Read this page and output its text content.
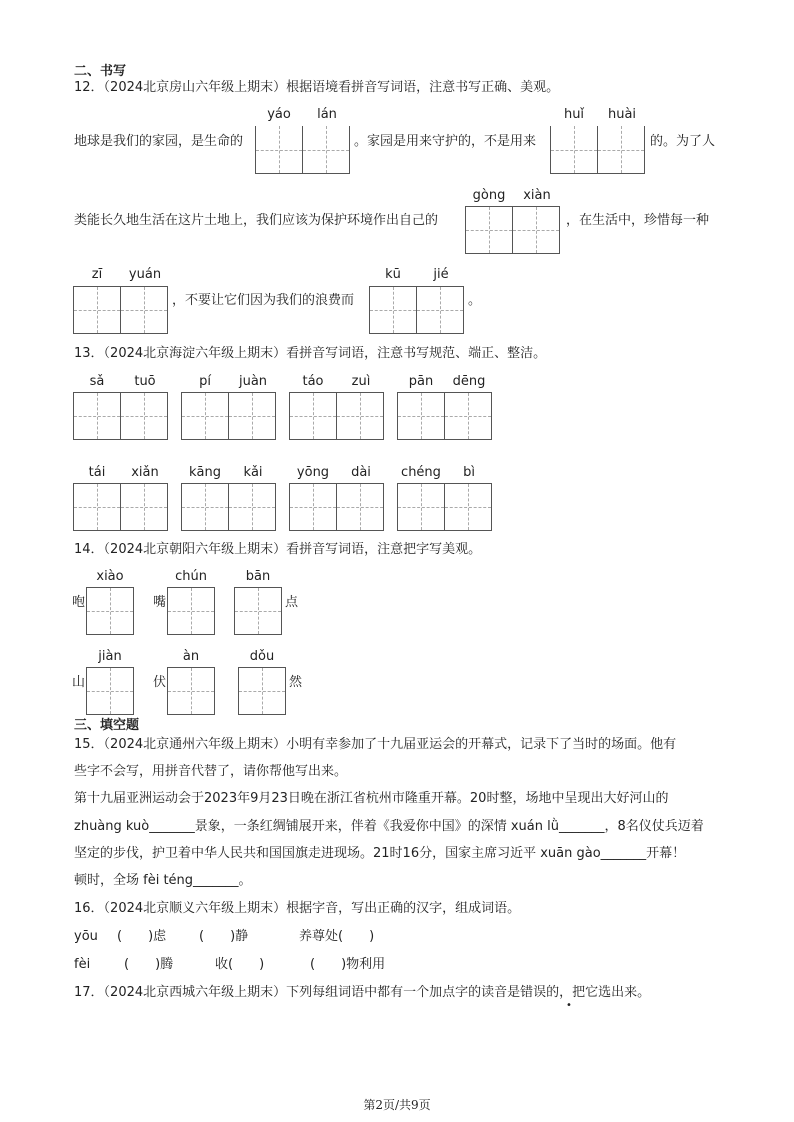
二、书写
12．（2024北京房山六年级上期末）根据语境看拼音写词语，注意书写正确、美观。
yáo	lán	huǐ	huài
地球是我们的家园，是生命的	。家园是用来守护的，不是用来	的。为了人
gòng	xiàn
类能长久地生活在这片土地上，我们应该为保护环境作出自己的	，在生活中，珍惜每一种
zī	yuán	kū	jié
，不要让它们因为我们的浪费而	。
13．（2024北京海淀六年级上期末）看拼音写词语，注意书写规范、端正、整洁。
sǎ	tuō	pí	juàn	táo	zuì	pān	dēng
tái	xiǎn	kāng	kǎi	yōng	dài	chéng	bì
14．（2024北京朝阳六年级上期末）看拼音写词语，注意把字写美观。
xiào
咆
chún
嘴
bān
点
jiàn
山
àn
伏
dǒu
然
三、填空题
15．（2024北京通州六年级上期末）小明有幸参加了十九届亚运会的开幕式，记录下了当时的场面。他有
些字不会写，用拼音代替了，请你帮他写出来。
第十九届亚洲运动会于2023年9月23日晚在浙江省杭州市隆重开幕。20时整，场地中呈现出大好河山的
zhuàng kuò_______景象，一条红绸铺展开来，伴着《我爱你中国》的深情 xuán lǜ_______，8名仪仗兵迈着
坚定的步伐，护卫着中华人民共和国国旗走进现场。21时16分，国家主席习近平 xuān gào_______开幕！
顿时，全场 fèi téng_______。
16．（2024北京顺义六年级上期末）根据字音，写出正确的汉字，组成词语。
yōu (　　)虑	(　　)静	养尊处(　　)
fèi	(　　)腾	收(　　)	(　　)物利用
17．（2024北京西城六年级上期末）下列每组词语中都有一个加点字的读音是错误的，把它选出来。
•
第2页/共9页
